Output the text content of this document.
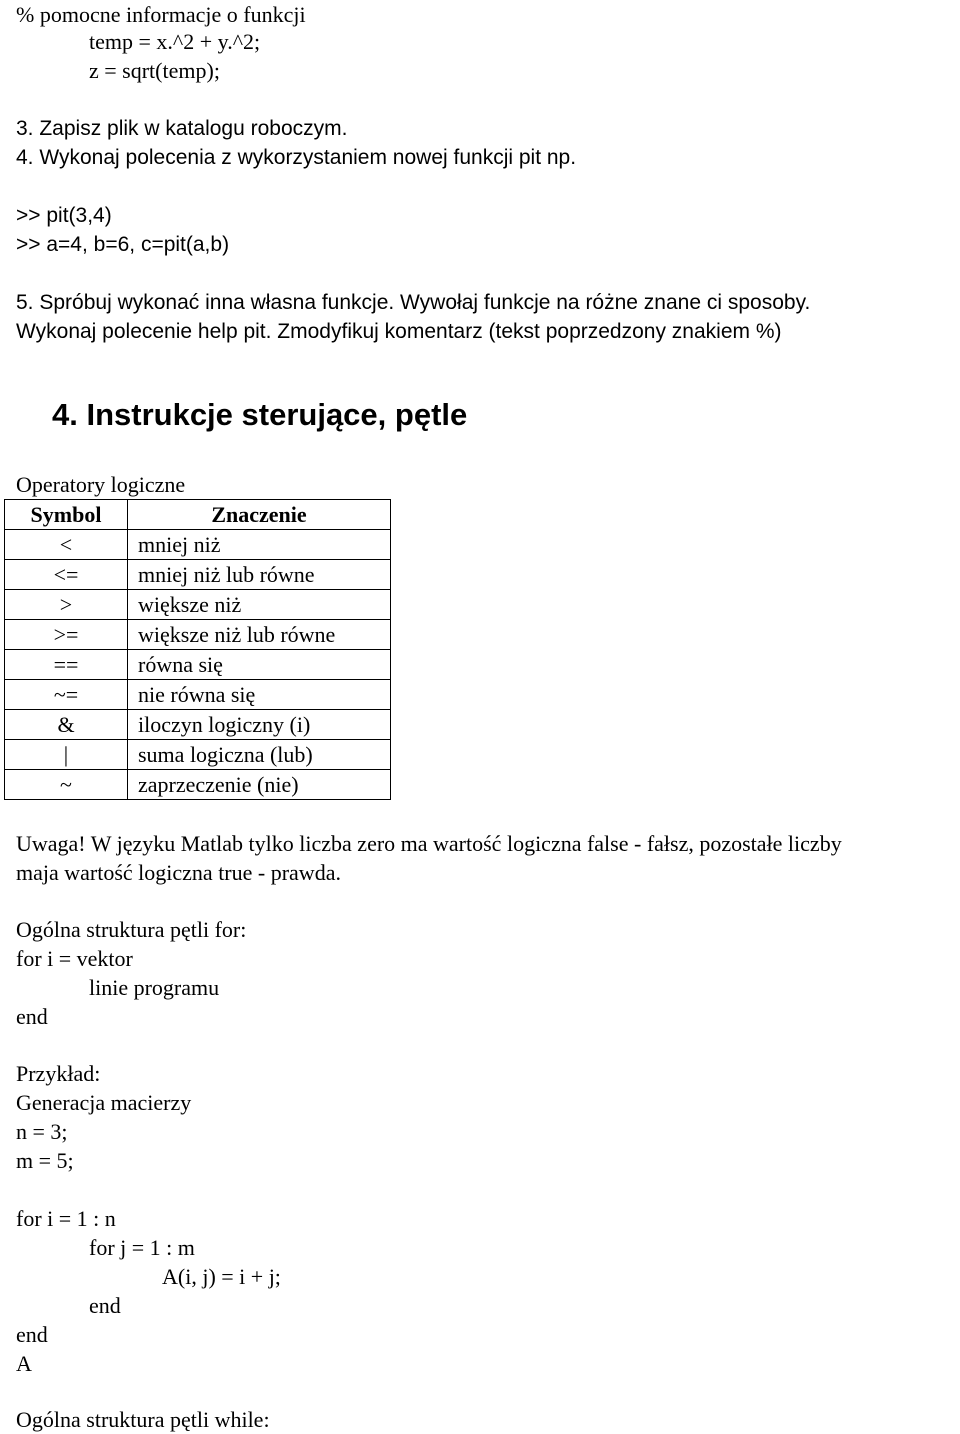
% pomocne informacje o funkcji
temp = x.^2 + y.^2;
z = sqrt(temp);
3. Zapisz plik w katalogu roboczym.
4. Wykonaj polecenia z wykorzystaniem nowej funkcji pit np.
>> pit(3,4)
>> a=4, b=6, c=pit(a,b)
5. Spróbuj wykonać inna własna funkcje. Wywołaj funkcje na różne znane ci sposoby.
Wykonaj polecenie help pit. Zmodyfikuj komentarz (tekst poprzedzony znakiem %)
4. Instrukcje sterujące, pętle
Operatory logiczne
Symbol	Znaczenie
<	mniej niż
<=	mniej niż lub równe
>	większe niż
>=	większe niż lub równe
==	równa się
~=	nie równa się
&	iloczyn logiczny (i)
|	suma logiczna (lub)
~	zaprzeczenie (nie)
Uwaga! W języku Matlab tylko liczba zero ma wartość logiczna false - fałsz, pozostałe liczby
maja wartość logiczna true - prawda.
Ogólna struktura pętli for:
for i = vektor
linie programu
end
Przykład:
Generacja macierzy
n = 3;
m = 5;
for i = 1 : n
for j = 1 : m
A(i, j) = i + j;
end
end
A
Ogólna struktura pętli while:
